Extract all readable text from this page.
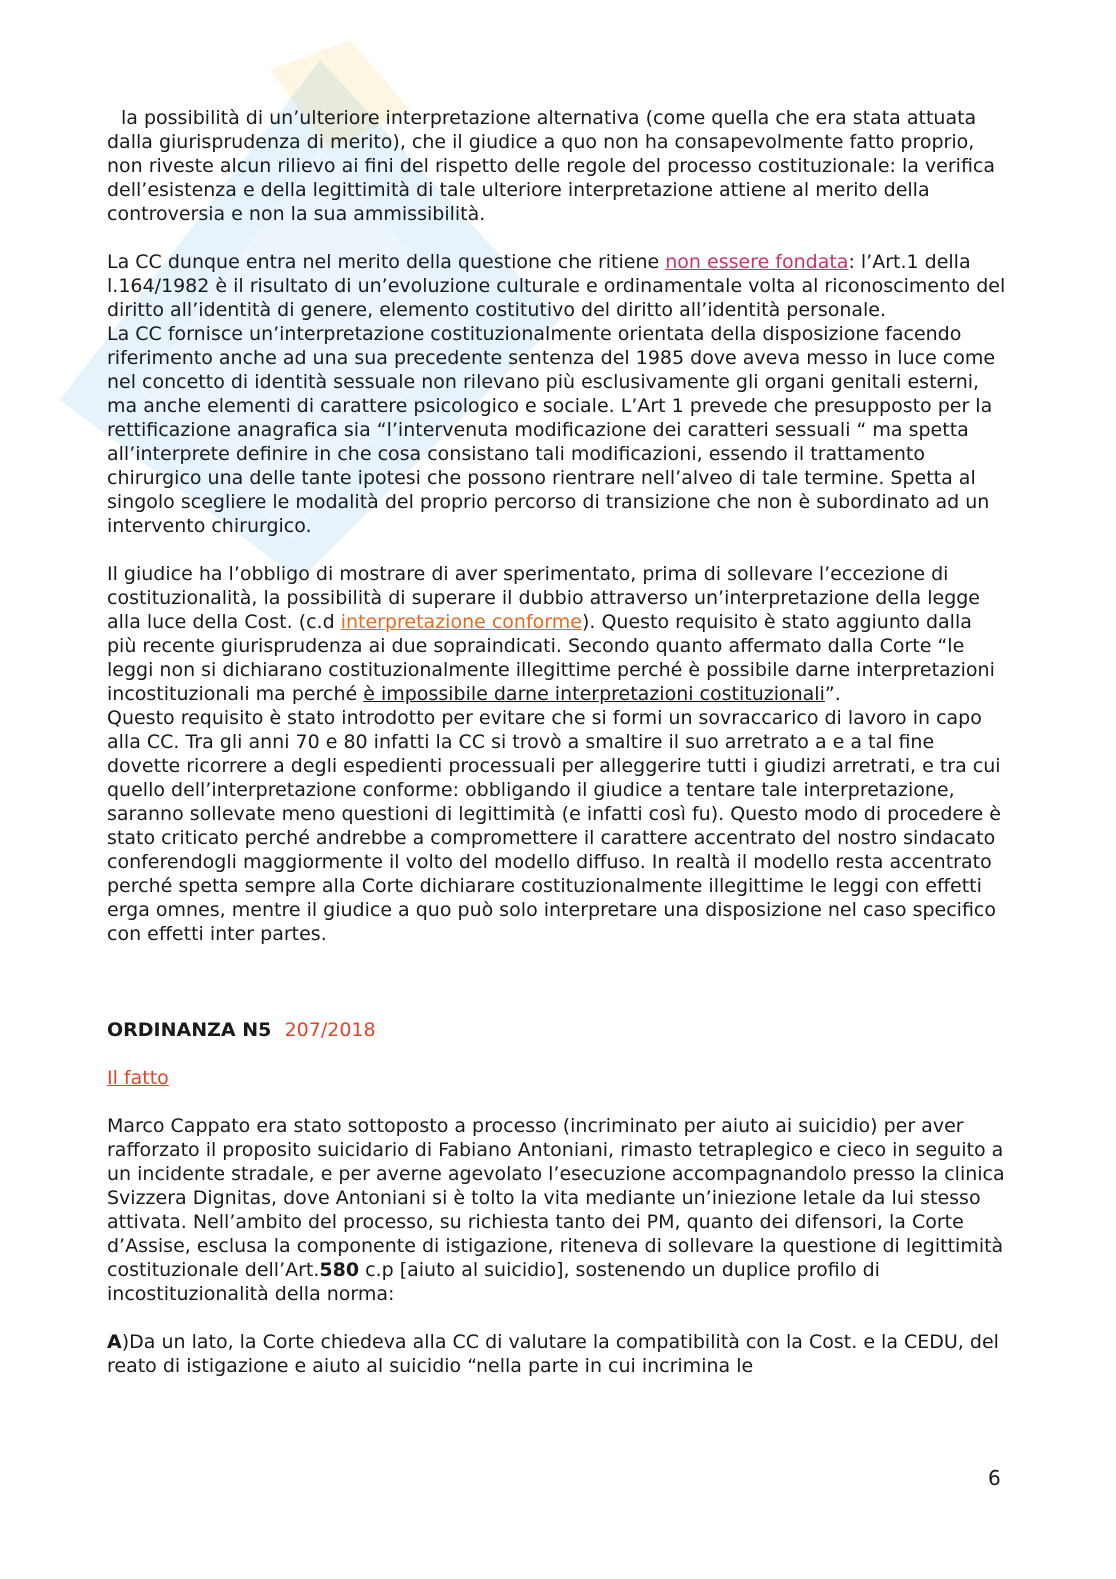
la possibilità di un’ulteriore interpretazione alternativa (come quella che era stata attuata dalla giurisprudenza di merito), che il giudice a quo non ha consapevolmente fatto proprio, non riveste alcun rilievo ai fini del rispetto delle regole del processo costituzionale: la verifica dell’esistenza e della legittimità di tale ulteriore interpretazione attiene al merito della controversia e non la sua ammissibilità.

La CC dunque entra nel merito della questione che ritiene non essere fondata: l’Art.1 della l.164/1982 è il risultato di un’evoluzione culturale e ordinamentale volta al riconoscimento del diritto all’identità di genere, elemento costitutivo del diritto all’identità personale.

La CC fornisce un’interpretazione costituzionalmente orientata della disposizione facendo riferimento anche ad una sua precedente sentenza del 1985 dove aveva messo in luce come nel concetto di identità sessuale non rilevano più esclusivamente gli organi genitali esterni, ma anche elementi di carattere psicologico e sociale. L’Art 1 prevede che presupposto per la rettificazione anagrafica sia “l’intervenuta modificazione dei caratteri sessuali “ ma spetta all’interprete definire in che cosa consistano tali modificazioni, essendo il trattamento chirurgico una delle tante ipotesi che possono rientrare nell’alveo di tale termine. Spetta al singolo scegliere le modalità del proprio percorso di transizione che non è subordinato ad un intervento chirurgico.

Il giudice ha l’obbligo di mostrare di aver sperimentato, prima di sollevare l’eccezione di costituzionalità, la possibilità di superare il dubbio attraverso un’interpretazione della legge alla luce della Cost. (c.d interpretazione conforme). Questo requisito è stato aggiunto dalla più recente giurisprudenza ai due sopraindicati. Secondo quanto affermato dalla Corte “le leggi non si dichiarano costituzionalmente illegittime perché è possibile darne interpretazioni incostituzionali ma perché è impossibile darne interpretazioni costituzionali”.

Questo requisito è stato introdotto per evitare che si formi un sovraccarico di lavoro in capo alla CC. Tra gli anni 70 e 80 infatti la CC si trovò a smaltire il suo arretrato a e a tal fine dovette ricorrere a degli espedienti processuali per alleggerire tutti i giudizi arretrati, e tra cui quello dell’interpretazione conforme: obbligando il giudice a tentare tale interpretazione, saranno sollevate meno questioni di legittimità (e infatti così fu). Questo modo di procedere è stato criticato perché andrebbe a compromettere il carattere accentrato del nostro sindacato conferendogli maggiormente il volto del modello diffuso. In realtà il modello resta accentrato perché spetta sempre alla Corte dichiarare costituzionalmente illegittime le leggi con effetti erga omnes, mentre il giudice a quo può solo interpretare una disposizione nel caso specifico con effetti inter partes.

ORDINANZA N5 207/2018

Il fatto

Marco Cappato era stato sottoposto a processo (incriminato per aiuto ai suicidio) per aver rafforzato il proposito suicidario di Fabiano Antoniani, rimasto tetraplegico e cieco in seguito a un incidente stradale, e per averne agevolato l’esecuzione accompagnandolo presso la clinica Svizzera Dignitas, dove Antoniani si è tolto la vita mediante un’iniezione letale da lui stesso attivata. Nell’ambito del processo, su richiesta tanto dei PM, quanto dei difensori, la Corte d’Assise, esclusa la componente di istigazione, riteneva di sollevare la questione di legittimità costituzionale dell’Art.580 c.p [aiuto al suicidio], sostenendo un duplice profilo di incostituzionalità della norma:

A)Da un lato, la Corte chiedeva alla CC di valutare la compatibilità con la Cost. e la CEDU, del reato di istigazione e aiuto al suicidio “nella parte in cui incrimina le

6
